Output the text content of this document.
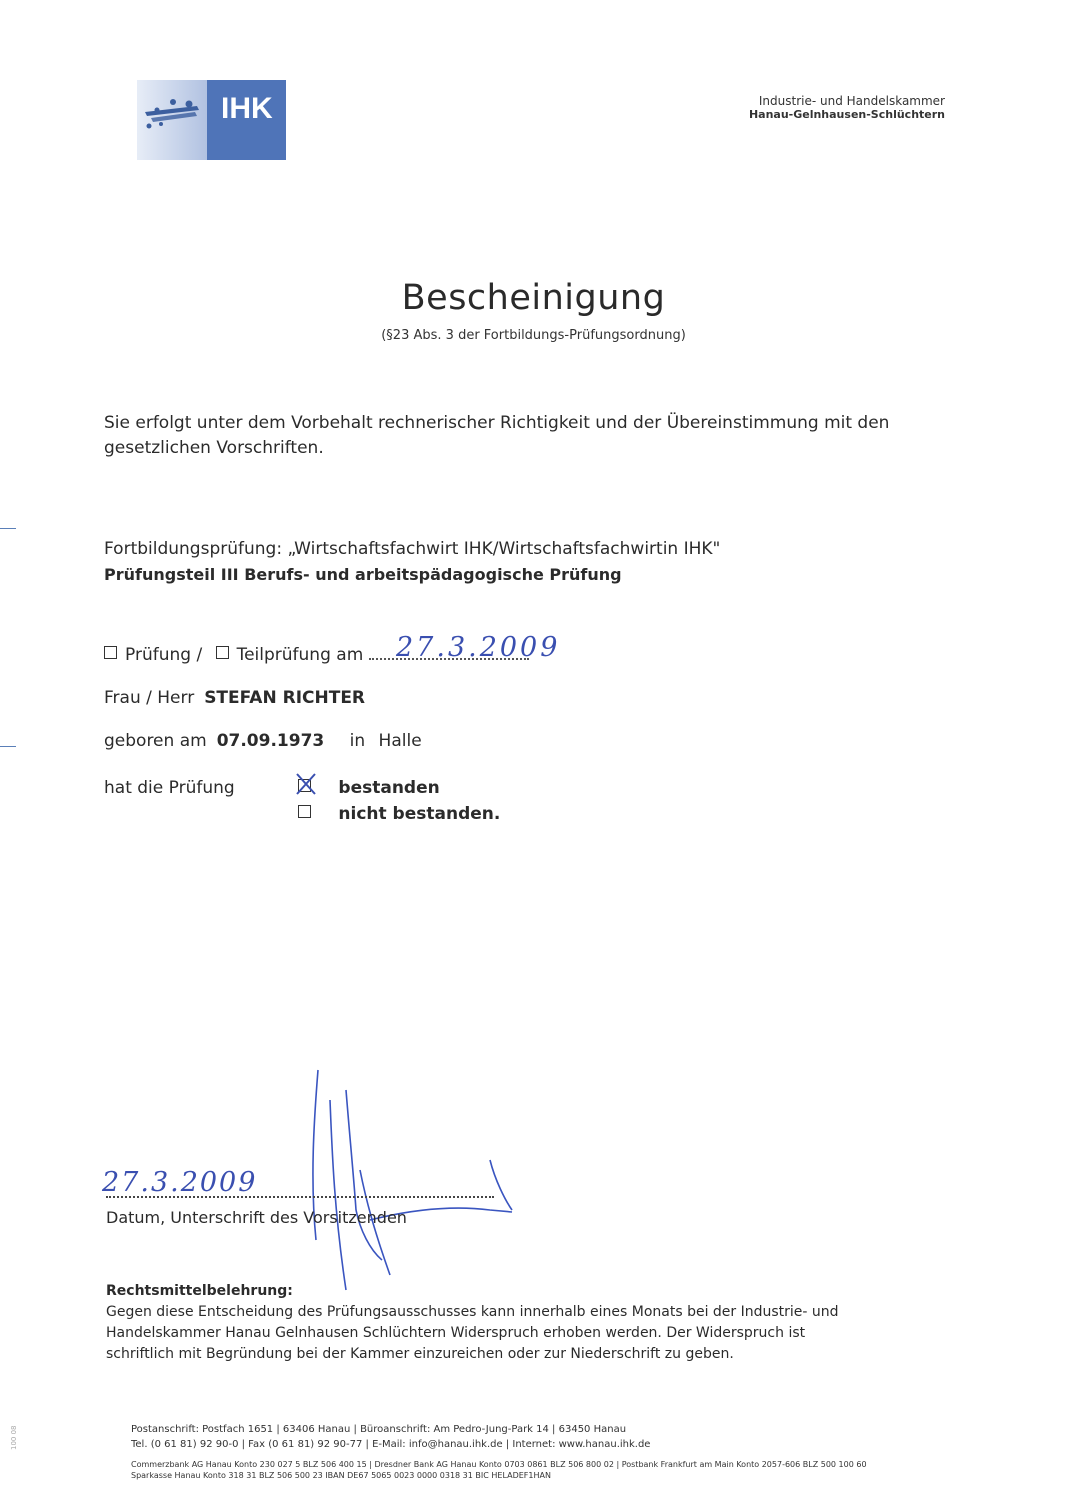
IHK	Industrie- und Handelskammer
Hanau-Gelnhausen-Schlüchtern
Bescheinigung
(§23 Abs. 3 der Fortbildungs-Prüfungsordnung)
Sie erfolgt unter dem Vorbehalt rechnerischer Richtigkeit und der Übereinstimmung mit den gesetzlichen Vorschriften.
Fortbildungsprüfung: „Wirtschaftsfachwirt IHK/Wirtschaftsfachwirtin IHK"
Prüfungsteil III Berufs- und arbeitspädagogische Prüfung
Prüfung / Teilprüfung am	27.3.2009
Frau / Herr STEFAN RICHTER
geboren am 07.09.1973 in Halle
hat die Prüfung	bestanden
nicht bestanden.
27.3.2009
Datum, Unterschrift des Vorsitzenden
Rechtsmittelbelehrung:
Gegen diese Entscheidung des Prüfungsausschusses kann innerhalb eines Monats bei der Industrie- und Handelskammer Hanau Gelnhausen Schlüchtern Widerspruch erhoben werden. Der Widerspruch ist schriftlich mit Begründung bei der Kammer einzureichen oder zur Niederschrift zu geben.
Postanschrift: Postfach 1651 | 63406 Hanau | Büroanschrift: Am Pedro-Jung-Park 14 | 63450 Hanau
Tel. (0 61 81) 92 90-0 | Fax (0 61 81) 92 90-77 | E-Mail: info@hanau.ihk.de | Internet: www.hanau.ihk.de
Commerzbank AG Hanau Konto 230 027 5 BLZ 506 400 15 | Dresdner Bank AG Hanau Konto 0703 0861 BLZ 506 800 02 | Postbank Frankfurt am Main Konto 2057-606 BLZ 500 100 60
Sparkasse Hanau Konto 318 31 BLZ 506 500 23 IBAN DE67 5065 0023 0000 0318 31 BIC HELADEF1HAN
100 08
